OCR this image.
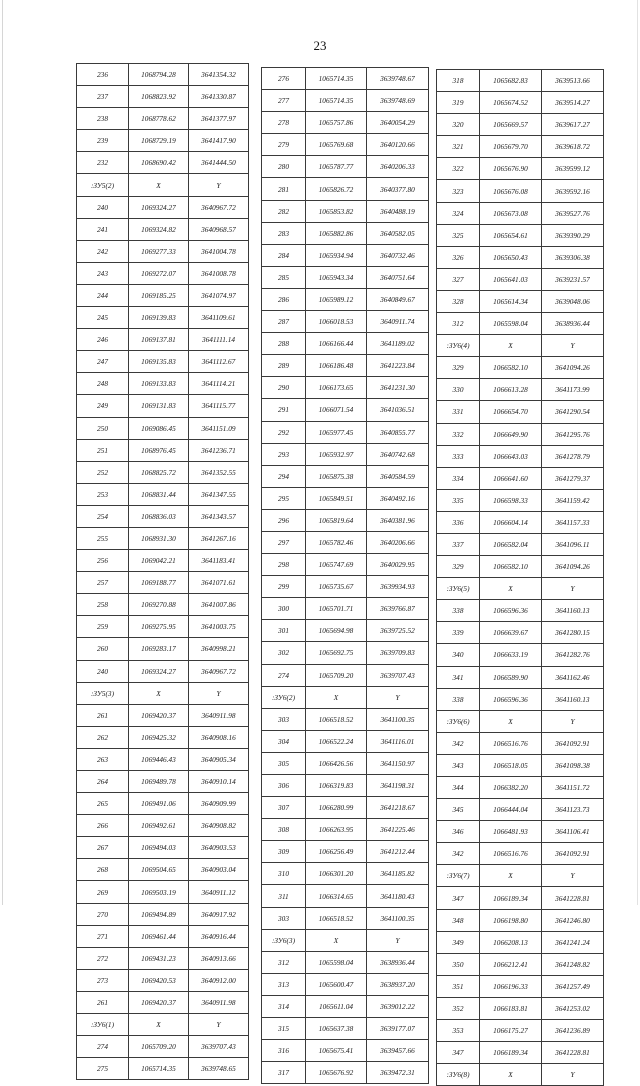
23
236	1068794.28	3641354.32
237	1068823.92	3641330.87
238	1068778.62	3641377.97
239	1068729.19	3641417.90
232	1068690.42	3641444.50
:ЗУ5(2)	X	Y
240	1069324.27	3640967.72
241	1069324.82	3640968.57
242	1069277.33	3641004.78
243	1069272.07	3641008.78
244	1069185.25	3641074.97
245	1069139.83	3641109.61
246	1069137.81	3641111.14
247	1069135.83	3641112.67
248	1069133.83	3641114.21
249	1069131.83	3641115.77
250	1069086.45	3641151.09
251	1068976.45	3641236.71
252	1068825.72	3641352.55
253	1068831.44	3641347.55
254	1068836.03	3641343.57
255	1068931.30	3641267.16
256	1069042.21	3641183.41
257	1069188.77	3641071.61
258	1069270.88	3641007.86
259	1069275.95	3641003.75
260	1069283.17	3640998.21
240	1069324.27	3640967.72
:ЗУ5(3)	X	Y
261	1069420.37	3640911.98
262	1069425.32	3640908.16
263	1069446.43	3640905.34
264	1069489.78	3640910.14
265	1069491.06	3640909.99
266	1069492.61	3640908.82
267	1069494.03	3640903.53
268	1069504.65	3640903.04
269	1069503.19	3640911.12
270	1069494.89	3640917.92
271	1069461.44	3640916.44
272	1069431.23	3640913.66
273	1069420.53	3640912.00
261	1069420.37	3640911.98
:ЗУ6(1)	X	Y
274	1065709.20	3639707.43
275	1065714.35	3639748.65
276	1065714.35	3639748.67
277	1065714.35	3639748.69
278	1065757.86	3640054.29
279	1065769.68	3640120.66
280	1065787.77	3640206.33
281	1065826.72	3640377.80
282	1065853.82	3640488.19
283	1065882.86	3640582.05
284	1065934.94	3640732.46
285	1065943.34	3640751.64
286	1065989.12	3640849.67
287	1066018.53	3640911.74
288	1066166.44	3641189.02
289	1066186.48	3641223.84
290	1066173.65	3641231.30
291	1066071.54	3641036.51
292	1065977.45	3640855.77
293	1065932.97	3640742.68
294	1065875.38	3640584.59
295	1065849.51	3640492.16
296	1065819.64	3640381.96
297	1065782.46	3640206.66
298	1065747.69	3640029.95
299	1065735.67	3639934.93
300	1065701.71	3639766.87
301	1065694.98	3639725.52
302	1065692.75	3639709.83
274	1065709.20	3639707.43
:ЗУ6(2)	X	Y
303	1066518.52	3641100.35
304	1066522.24	3641116.01
305	1066426.56	3641150.97
306	1066319.83	3641198.31
307	1066280.99	3641218.67
308	1066263.95	3641225.46
309	1066256.49	3641212.44
310	1066301.20	3641185.82
311	1066314.65	3641180.43
303	1066518.52	3641100.35
:ЗУ6(3)	X	Y
312	1065598.04	3638936.44
313	1065600.47	3638937.20
314	1065611.04	3639012.22
315	1065637.38	3639177.07
316	1065675.41	3639457.66
317	1065676.92	3639472.31
318	1065682.83	3639513.66
319	1065674.52	3639514.27
320	1065669.57	3639617.27
321	1065679.70	3639618.72
322	1065676.90	3639599.12
323	1065676.08	3639592.16
324	1065673.08	3639527.76
325	1065654.61	3639390.29
326	1065650.43	3639306.38
327	1065641.03	3639231.57
328	1065614.34	3639048.06
312	1065598.04	3638936.44
:ЗУ6(4)	X	Y
329	1066582.10	3641094.26
330	1066613.28	3641173.99
331	1066654.70	3641290.54
332	1066649.90	3641295.76
333	1066643.03	3641278.79
334	1066641.60	3641279.37
335	1066598.33	3641159.42
336	1066604.14	3641157.33
337	1066582.04	3641096.11
329	1066582.10	3641094.26
:ЗУ6(5)	X	Y
338	1066596.36	3641160.13
339	1066639.67	3641280.15
340	1066633.19	3641282.76
341	1066589.90	3641162.46
338	1066596.36	3641160.13
:ЗУ6(6)	X	Y
342	1066516.76	3641092.91
343	1066518.05	3641098.38
344	1066382.20	3641151.72
345	1066444.04	3641123.73
346	1066481.93	3641106.41
342	1066516.76	3641092.91
:ЗУ6(7)	X	Y
347	1066189.34	3641228.81
348	1066198.80	3641246.80
349	1066208.13	3641241.24
350	1066212.41	3641248.82
351	1066196.33	3641257.49
352	1066183.81	3641253.02
353	1066175.27	3641236.89
347	1066189.34	3641228.81
:ЗУ6(8)	X	Y
